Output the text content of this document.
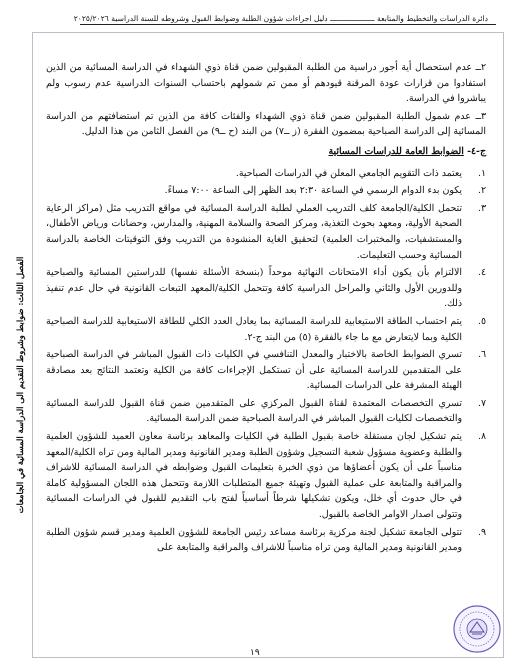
دائرة الدراسات والتخطيط والمتابعة ــــــــــــــــــــ دليل اجراءات شؤون الطلبة وضوابط القبول وشروطه للسنة الدراسية ٢٠٢٥/٢٠٢٦
الفصل الثالث: ضوابط وشروط التقديم الى الدراسة المسائية في الجامعات

٢ــ عدم استحصال أية أجور دراسية من الطلبة المقبولين ضمن قناة ذوي الشهداء في الدراسة المسائية من الذين استفادوا من قرارات عودة المرقنة قيودهم أو ممن تم شمولهم باحتساب السنوات الدراسية عدم رسوب ولم يباشروا في الدراسة.

٣ــ عدم شمول الطلبة المقبولين ضمن قناة ذوي الشهداء والفئات كافة من الذين تم استضافتهم من الدراسة المسائية إلى الدراسة الصباحية بمضمون الفقرة (ز ــ٧) من البند (ح ــ٩) من الفصل الثامن من هذا الدليل.

ج-٤- الضوابط العامة للدراسات المسائية
١.
يعتمد ذات التقويم الجامعي المعلن في الدراسات الصباحية.
٢.
يكون بدء الدوام الرسمي في الساعة ٢:٣٠ بعد الظهر إلى الساعة ٧:٠٠ مساءً.
٣.
تتحمل الكلية/الجامعة كلف التدريب العملي لطلبة الدراسة المسائية في مواقع التدريب مثل (مراكز الرعاية الصحية الأولية، ومعهد بحوث التغذية، ومركز الصحة والسلامة المهنية، والمدارس، وحضانات ورياض الأطفال، والمستشفيات، والمختبرات العلمية) لتحقيق الغاية المنشودة من التدريب وفق التوقيتات الخاصة بالدراسة المسائية وحسب التعليمات.
٤.
الالتزام بأن يكون أداء الامتحانات النهائية موحداً (بنسخة الأسئلة نفسها) للدراستين المسائية والصباحية وللدورين الأول والثاني والمراحل الدراسية كافة وتتحمل الكلية/المعهد التبعات القانونية في حال عدم تنفيذ ذلك.
٥.
يتم احتساب الطاقة الاستيعابية للدراسة المسائية بما يعادل العدد الكلي للطاقة الاستيعابية للدراسة الصباحية الكلية وبما لايتعارض مع ما جاء بالفقرة (٥) من البند ج-٢.
٦.
تسري الضوابط الخاصة بالاختبار والمعدل التنافسي في الكليات ذات القبول المباشر في الدراسة الصباحية على المتقدمين للدراسة المسائية على أن تستكمل الإجراءات كافة من الكلية وتعتمد النتائج بعد مصادقة الهيئة المشرفة على الدراسات المسائية.
٧.
تسري التخصصات المعتمدة لقناة القبول المركزي على المتقدمين ضمن قناة القبول للدراسة المسائية والتخصصات لكليات القبول المباشر في الدراسة الصباحية ضمن الدراسة المسائية.
٨.
يتم تشكيل لجان مستقلة خاصة بقبول الطلبة في الكليات والمعاهد برئاسة معاون العميد للشؤون العلمية والطلبة وعضوية مسؤول شعبة التسجيل وشؤون الطلبة ومدير القانونية ومدير المالية ومن تراه الكلية/المعهد مناسباً على أن يكون أعضاؤها من ذوي الخبرة بتعليمات القبول وضوابطه في الدراسة المسائية للاشراف والمراقبة والمتابعة على عملية القبول وتهيئة جميع المتطلبات اللازمة وتتحمل هذه اللجان المسؤولية كاملة في حال حدوث أي خلل، ويكون تشكيلها شرطاً أساسياً لفتح باب التقديم للقبول في الدراسات المسائية وتتولى اصدار الاوامر الخاصة بالقبول.
٩.
تتولى الجامعة تشكيل لجنة مركزية برئاسة مساعد رئيس الجامعة للشؤون العلمية ومدير قسم شؤون الطلبة ومدير القانونية ومدير المالية ومن تراه مناسباً للاشراف والمراقبة والمتابعة على
١٩
